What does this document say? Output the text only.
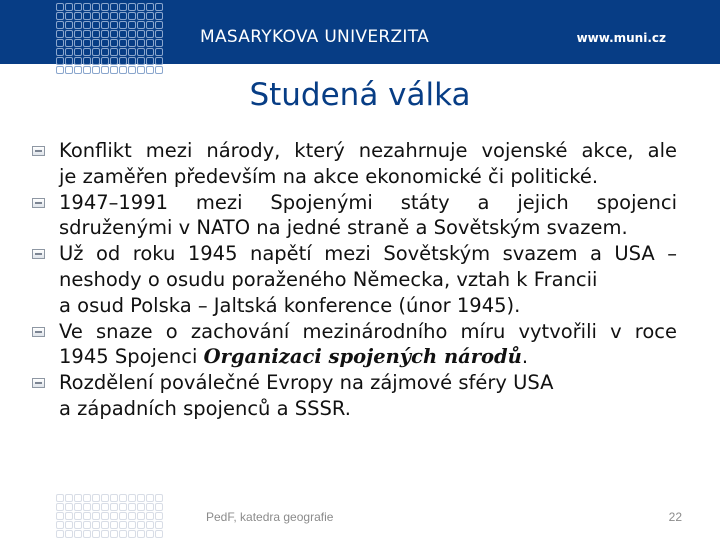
MASARYKOVA UNIVERZITA	www.muni.cz
Studená válka

Konflikt mezi národy, který nezahrnuje vojenské akce, ale
je zaměřen především na akce ekonomické či politické.

1947–1991 mezi Spojenými státy a jejich spojenci
sdruženými v NATO na jedné straně a Sovětským svazem.

Už od roku 1945 napětí mezi Sovětským svazem a USA –
neshody o osudu poraženého Německa, vztah k Francii
a osud Polska – Jaltská konference (únor 1945).

Ve snaze o zachování mezinárodního míru vytvořili v roce
1945 Spojenci Organizaci spojených národů.

Rozdělení poválečné Evropy na zájmové sféry USA
a západních spojenců a SSSR.

PedF, katedra geografie	22
